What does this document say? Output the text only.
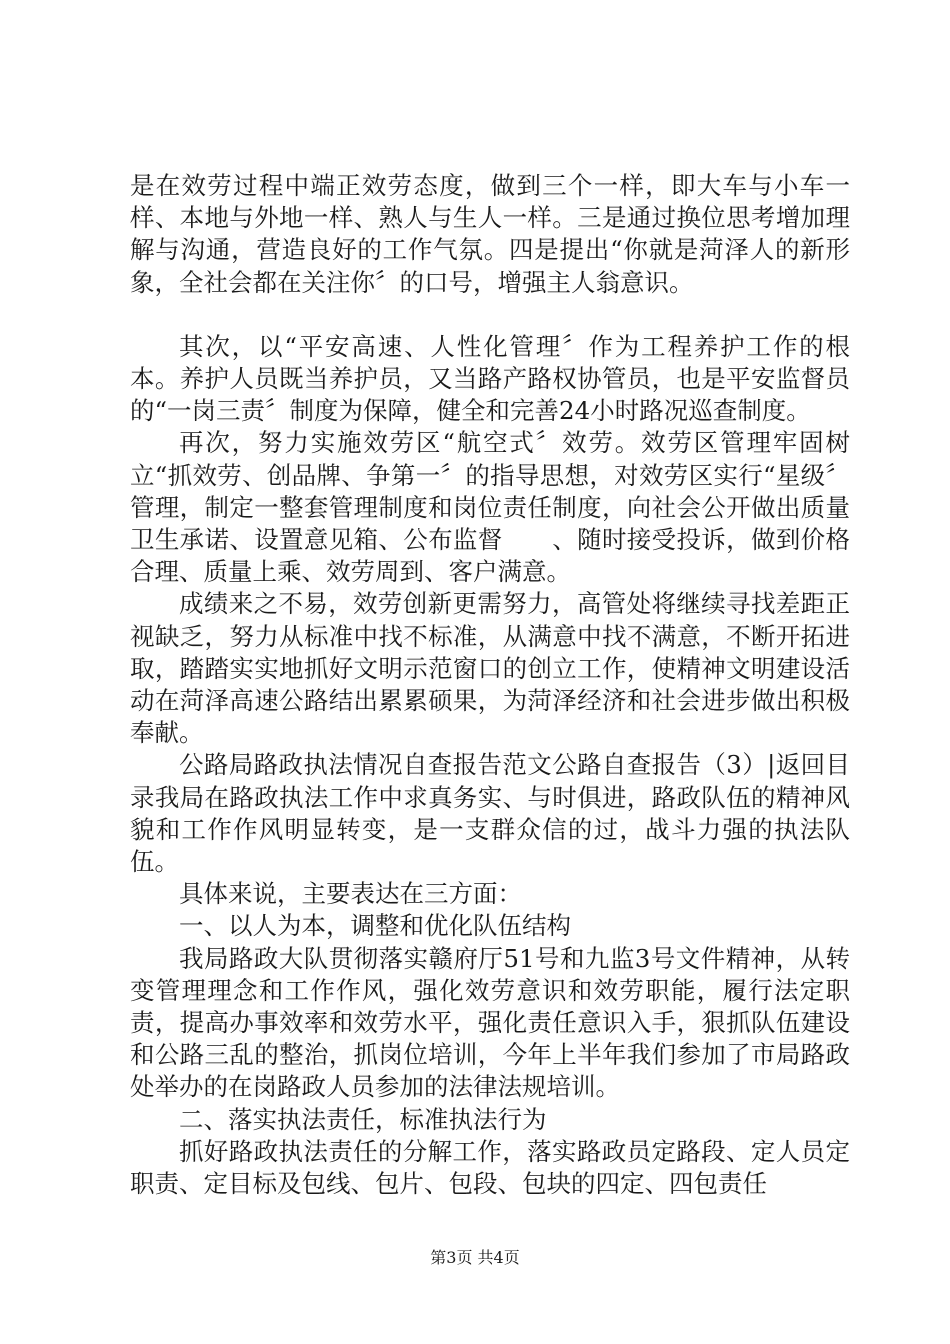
是在效劳过程中端正效劳态度，做到三个一样，即大车与小车一样、本地与外地一样、熟人与生人一样。三是通过换位思考增加理解与沟通，营造良好的工作气氛。四是提出“你就是菏泽人的新形象，全社会都在关注你〞的口号，增强主人翁意识。

其次，以“平安高速、人性化管理〞作为工程养护工作的根本。养护人员既当养护员，又当路产路权协管员，也是平安监督员的“一岗三责〞制度为保障，健全和完善24小时路况巡查制度。

再次，努力实施效劳区“航空式〞效劳。效劳区管理牢固树立“抓效劳、创品牌、争第一〞的指导思想，对效劳区实行“星级〞管理，制定一整套管理制度和岗位责任制度，向社会公开做出质量卫生承诺、设置意见箱、公布监督　　、随时接受投诉，做到价格合理、质量上乘、效劳周到、客户满意。

成绩来之不易，效劳创新更需努力，高管处将继续寻找差距正视缺乏，努力从标准中找不标准，从满意中找不满意，不断开拓进取，踏踏实实地抓好文明示范窗口的创立工作，使精神文明建设活动在菏泽高速公路结出累累硕果，为菏泽经济和社会进步做出积极奉献。

公路局路政执法情况自查报告范文公路自查报告（3）|返回目录我局在路政执法工作中求真务实、与时俱进，路政队伍的精神风貌和工作作风明显转变，是一支群众信的过，战斗力强的执法队伍。

具体来说，主要表达在三方面：

一、以人为本，调整和优化队伍结构

我局路政大队贯彻落实赣府厅51号和九监3号文件精神，从转变管理理念和工作作风，强化效劳意识和效劳职能，履行法定职责，提高办事效率和效劳水平，强化责任意识入手，狠抓队伍建设和公路三乱的整治，抓岗位培训，今年上半年我们参加了市局路政处举办的在岗路政人员参加的法律法规培训。

二、落实执法责任，标准执法行为

抓好路政执法责任的分解工作，落实路政员定路段、定人员定职责、定目标及包线、包片、包段、包块的四定、四包责任

第3页 共4页
